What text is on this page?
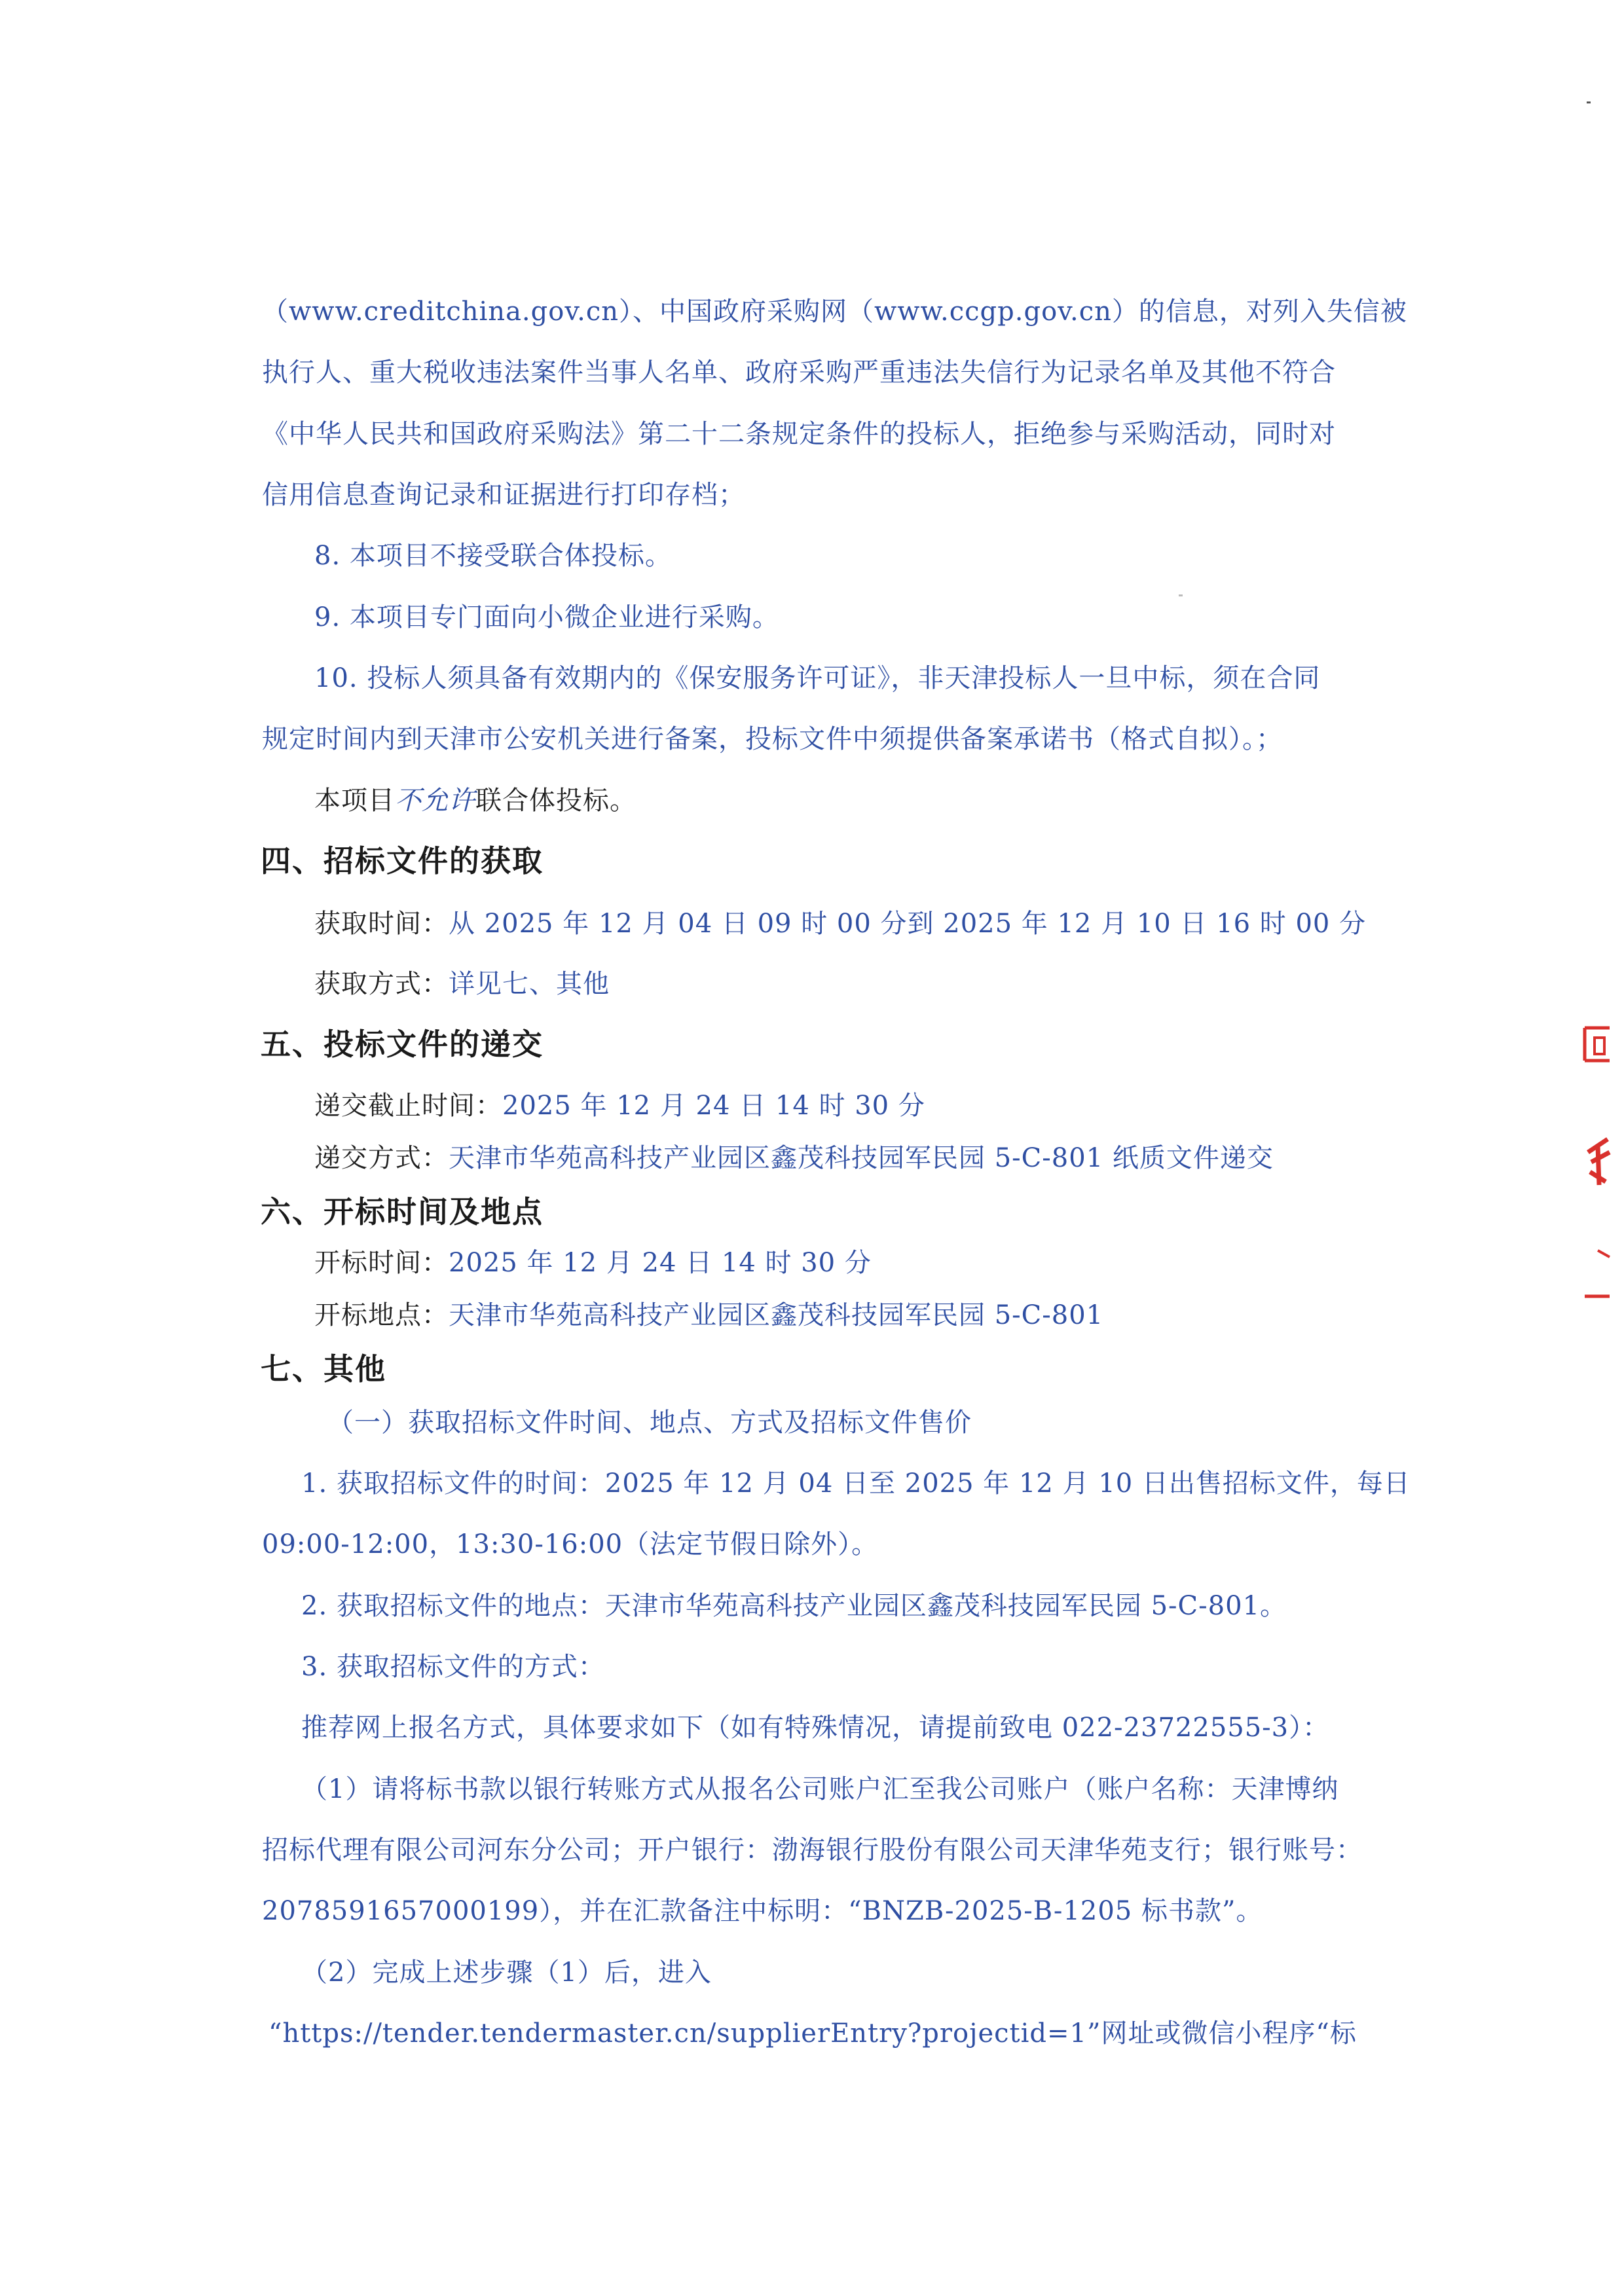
（www.creditchina.gov.cn）、中国政府采购网（www.ccgp.gov.cn）的信息，对列入失信被
执行人、重大税收违法案件当事人名单、政府采购严重违法失信行为记录名单及其他不符合
《中华人民共和国政府采购法》第二十二条规定条件的投标人，拒绝参与采购活动，同时对
信用信息查询记录和证据进行打印存档；
8. 本项目不接受联合体投标。
9. 本项目专门面向小微企业进行采购。
10. 投标人须具备有效期内的《保安服务许可证》，非天津投标人一旦中标，须在合同
规定时间内到天津市公安机关进行备案，投标文件中须提供备案承诺书（格式自拟）。；
本项目不允许联合体投标。
四、招标文件的获取
获取时间：从 2025 年 12 月 04 日 09 时 00 分到 2025 年 12 月 10 日 16 时 00 分
获取方式：详见七、其他
五、投标文件的递交
递交截止时间：2025 年 12 月 24 日 14 时 30 分
递交方式：天津市华苑高科技产业园区鑫茂科技园军民园 5-C-801 纸质文件递交
六、开标时间及地点
开标时间：2025 年 12 月 24 日 14 时 30 分
开标地点：天津市华苑高科技产业园区鑫茂科技园军民园 5-C-801
七、其他
（一）获取招标文件时间、地点、方式及招标文件售价
1. 获取招标文件的时间：2025 年 12 月 04 日至 2025 年 12 月 10 日出售招标文件，每日
09:00-12:00，13:30-16:00（法定节假日除外）。
2. 获取招标文件的地点：天津市华苑高科技产业园区鑫茂科技园军民园 5-C-801。
3. 获取招标文件的方式：
推荐网上报名方式，具体要求如下（如有特殊情况，请提前致电 022-23722555-3）：
（1）请将标书款以银行转账方式从报名公司账户汇至我公司账户（账户名称：天津博纳
招标代理有限公司河东分公司；开户银行：渤海银行股份有限公司天津华苑支行；银行账号：
2078591657000199），并在汇款备注中标明：“BNZB-2025-B-1205 标书款”。
（2）完成上述步骤（1）后，进入
“https://tender.tendermaster.cn/supplierEntry?projectid=1”网址或微信小程序“标
